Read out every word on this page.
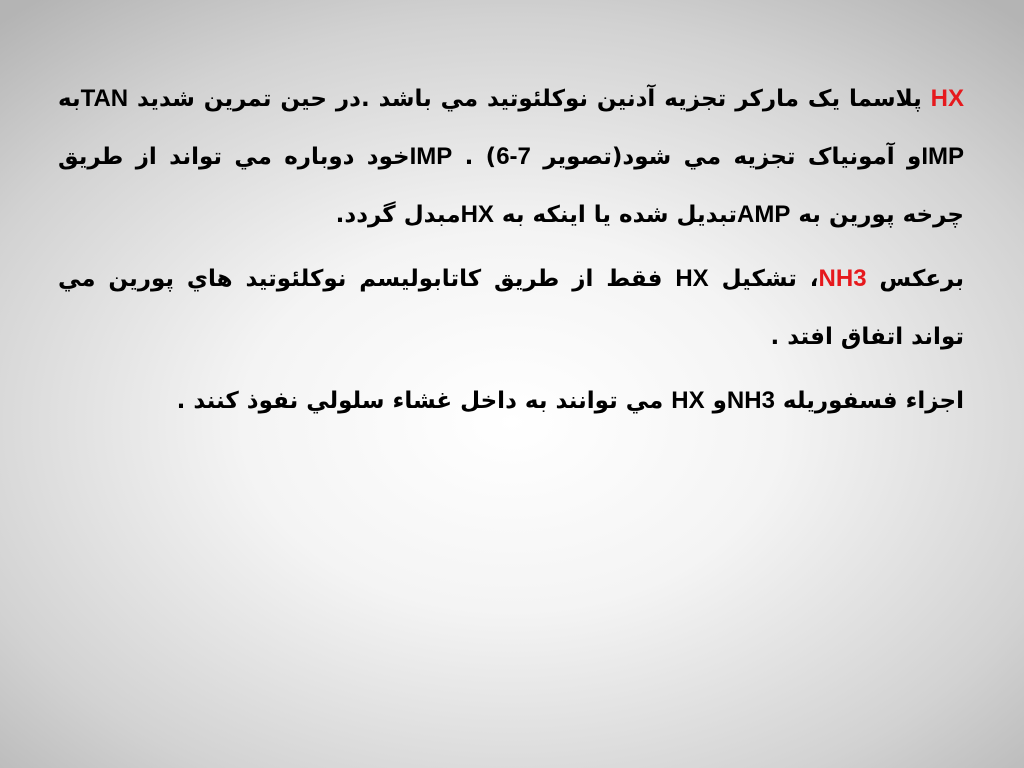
HX پلاسما يک مارکر تجزيه آدنين نوکلئوتيد مي باشد .در حين تمرين شديد TANبه IMPو آمونياک تجزيه مي شود(تصوير 6-7) . IMPخود دوباره مي تواند از طريق چرخه پورين به AMPتبديل شده يا اينکه به HXمبدل گردد.

برعکس NH3، تشکيل HX فقط از طريق کاتابوليسم نوکلئوتيد هاي پورين مي تواند اتفاق افتد .

اجزاء فسفوريله NH3و HX مي توانند به داخل غشاء سلولي نفوذ کنند .
